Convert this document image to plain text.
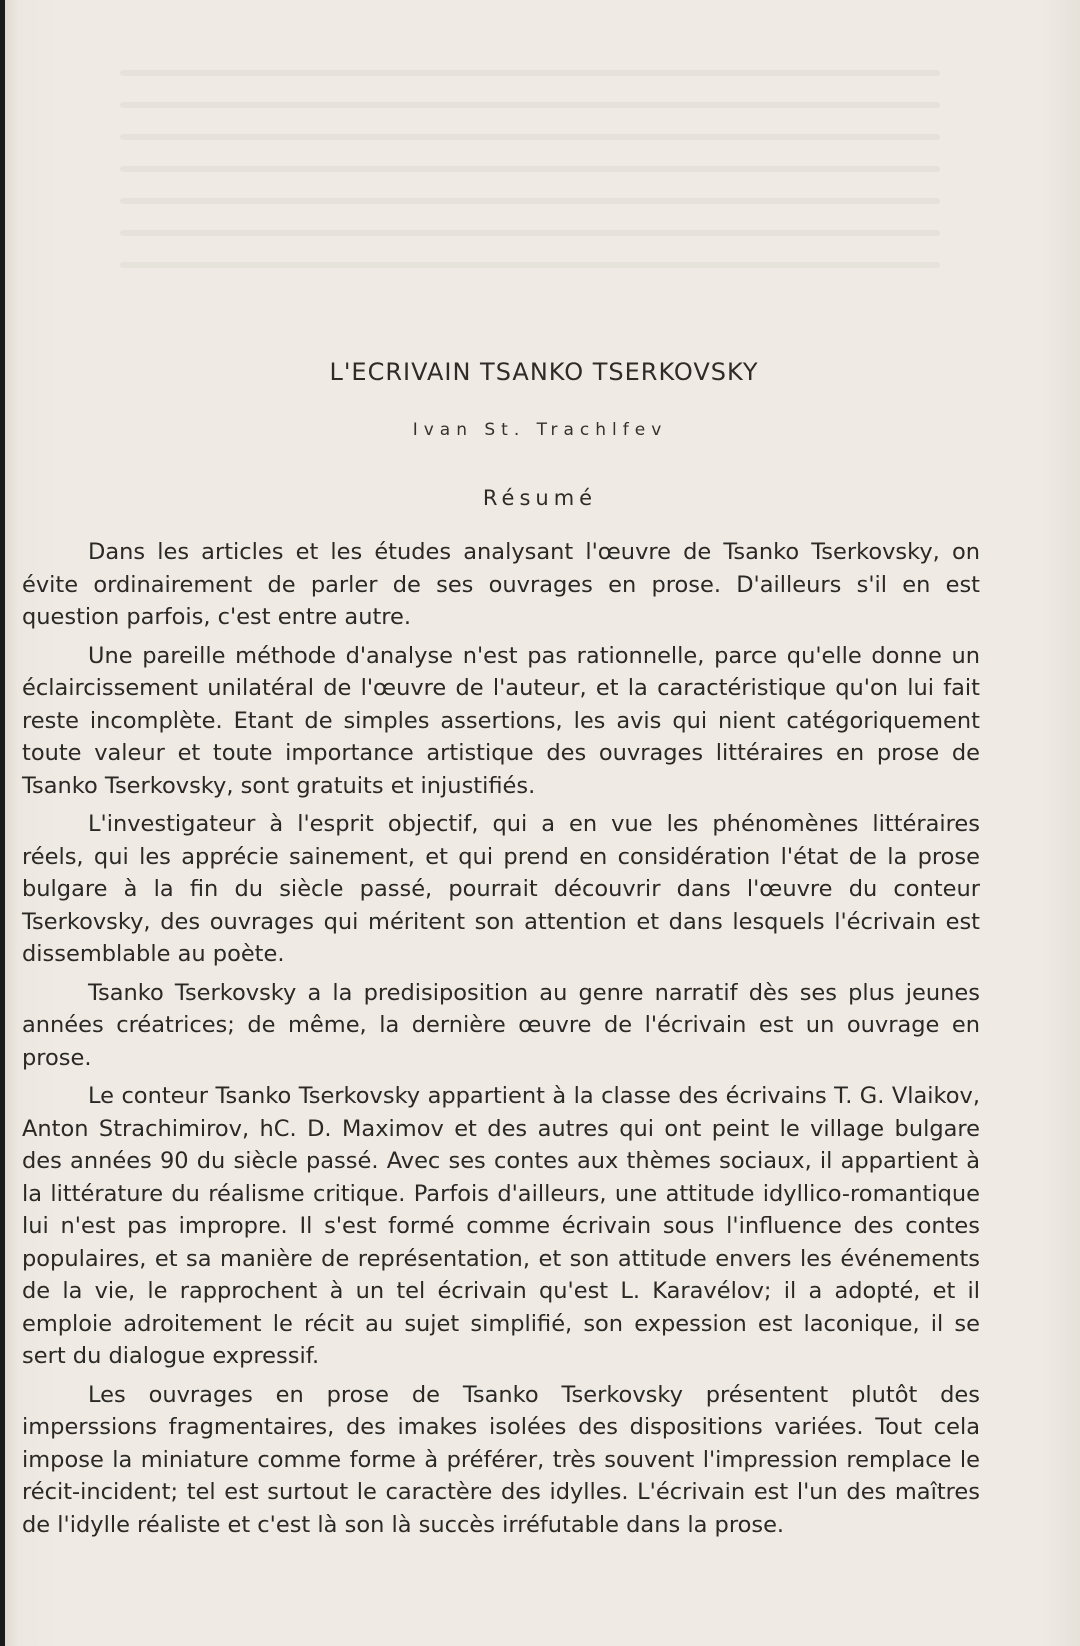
L'ECRIVAIN TSANKO TSERKOVSKY
Ivan St. Trachlfev
Résumé

Dans les articles et les études analysant l'œuvre de Tsanko Tserkovsky, on évite ordinairement de parler de ses ouvrages en prose. D'ailleurs s'il en est question parfois, c'est entre autre.

Une pareille méthode d'analyse n'est pas rationnelle, parce qu'elle donne un éclaircissement unilatéral de l'œuvre de l'auteur, et la caractéristique qu'on lui fait reste incomplète. Etant de simples assertions, les avis qui nient catégoriquement toute valeur et toute importance artistique des ouvrages littéraires en prose de Tsanko Tserkovsky, sont gratuits et injustifiés.

L'investigateur à l'esprit objectif, qui a en vue les phénomènes littéraires réels, qui les apprécie sainement, et qui prend en considération l'état de la prose bulgare à la fin du siècle passé, pourrait découvrir dans l'œuvre du conteur Tserkovsky, des ouvrages qui méritent son attention et dans lesquels l'écrivain est dissemblable au poète.

Tsanko Tserkovsky a la predisiposition au genre narratif dès ses plus jeunes années créatrices; de même, la dernière œuvre de l'écrivain est un ouvrage en prose.

Le conteur Tsanko Tserkovsky appartient à la classe des écrivains T. G. Vlaikov, Anton Strachimirov, hC. D. Maximov et des autres qui ont peint le village bulgare des années 90 du siècle passé. Avec ses contes aux thèmes sociaux, il appartient à la littérature du réalisme critique. Parfois d'ailleurs, une attitude idyllico-romantique lui n'est pas impropre. Il s'est formé comme écrivain sous l'influence des contes populaires, et sa manière de représentation, et son attitude envers les événements de la vie, le rapprochent à un tel écrivain qu'est L. Karavélov; il a adopté, et il emploie adroitement le récit au sujet simplifié, son expession est laconique, il se sert du dialogue expressif.

Les ouvrages en prose de Tsanko Tserkovsky présentent plutôt des imperssions fragmentaires, des imakes isolées des dispositions variées. Tout cela impose la miniature comme forme à préférer, très souvent l'impression remplace le récit-incident; tel est surtout le caractère des idylles. L'écrivain est l'un des maîtres de l'idylle réaliste et c'est là son là succès irréfutable dans la prose.
